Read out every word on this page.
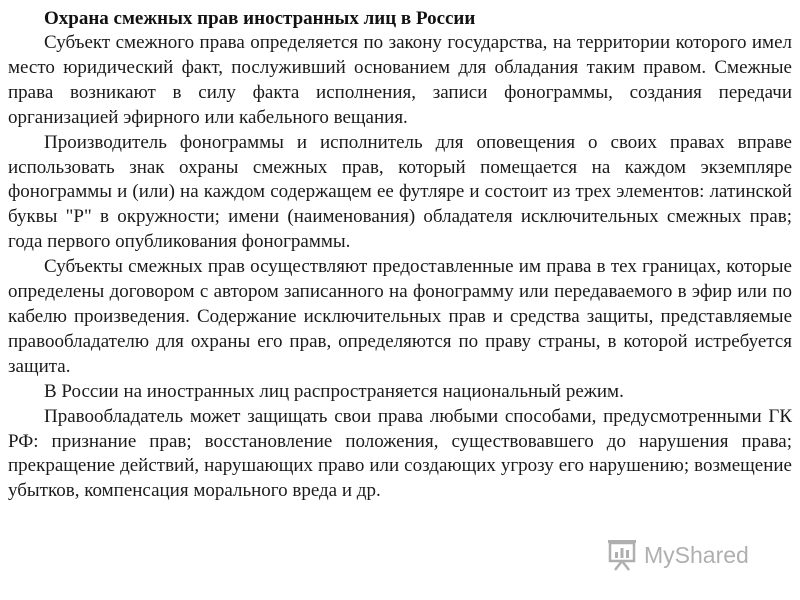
Охрана смежных прав иностранных лиц в России

Субъект смежного права определяется по закону государства, на территории которого имел место юридический факт, послуживший основанием для обладания таким правом. Смежные права возникают в силу факта исполнения, записи фонограммы, создания передачи организацией эфирного или кабельного вещания.

Производитель фонограммы и исполнитель для оповещения о своих правах вправе использовать знак охраны смежных прав, который помещается на каждом экземпляре фонограммы и (или) на каждом содержащем ее футляре и состоит из трех элементов: латинской буквы "P" в окружности; имени (наименования) обладателя исключительных смежных прав; года первого опубликования фонограммы.

Субъекты смежных прав осуществляют предоставленные им права в тех границах, которые определены договором с автором записанного на фонограмму или передаваемого в эфир или по кабелю произведения. Содержание исключительных прав и средства защиты, представляемые правообладателю для охраны его прав, определяются по праву страны, в которой истребуется защита.

В России на иностранных лиц распространяется национальный режим.

Правообладатель может защищать свои права любыми способами, предусмотренными ГК РФ: признание прав; восстановление положения, существовавшего до нарушения права; прекращение действий, нарушающих право или создающих угрозу его нарушению; возмещение убытков, компенсация морального вреда и др.

MyShared
